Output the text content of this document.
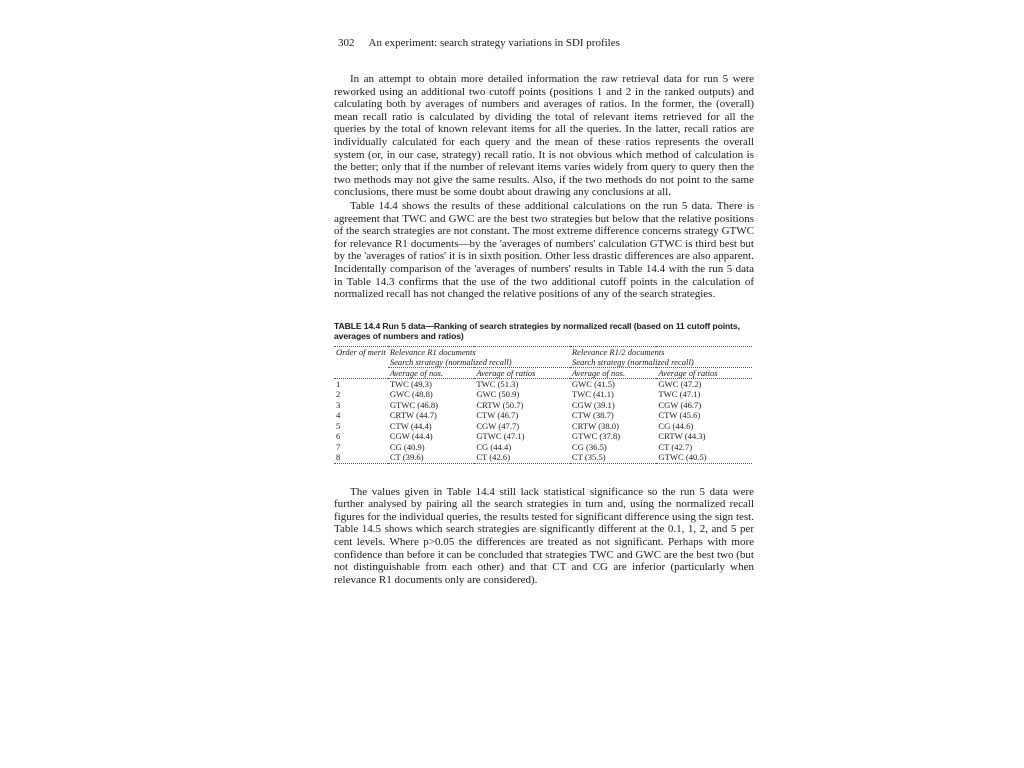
302 An experiment: search strategy variations in SDI profiles

In an attempt to obtain more detailed information the raw retrieval data for run 5 were reworked using an additional two cutoff points (positions 1 and 2 in the ranked outputs) and calculating both by averages of numbers and averages of ratios. In the former, the (overall) mean recall ratio is calculated by dividing the total of relevant items retrieved for all the queries by the total of known relevant items for all the queries. In the latter, recall ratios are individually calculated for each query and the mean of these ratios represents the overall system (or, in our case, strategy) recall ratio. It is not obvious which method of calculation is the better; only that if the number of relevant items varies widely from query to query then the two methods may not give the same results. Also, if the two methods do not point to the same conclusions, there must be some doubt about drawing any conclusions at all.

Table 14.4 shows the results of these additional calculations on the run 5 data. There is agreement that TWC and GWC are the best two strategies but below that the relative positions of the search strategies are not constant. The most extreme difference concerns strategy GTWC for relevance R1 documents—by the 'averages of numbers' calculation GTWC is third best but by the 'averages of ratios' it is in sixth position. Other less drastic differences are also apparent. Incidentally comparison of the 'averages of numbers' results in Table 14.4 with the run 5 data in Table 14.3 confirms that the use of the two additional cutoff points in the calculation of normalized recall has not changed the relative positions of any of the search strategies.

TABLE 14.4 Run 5 data—Ranking of search strategies by normalized recall (based on 11 cutoff points, averages of numbers and ratios)
Order of merit	Relevance R1 documents		Relevance R1/2 documents	
	Search strategy (normalized recall)		Search strategy (normalized recall)	
	Average of nos.	Average of ratios	Average of nos.	Average of ratios
1	TWC (49.3)	TWC (51.3)	GWC (41.5)	GWC (47.2)
2	GWC (48.8)	GWC (50.9)	TWC (41.1)	TWC (47.1)
3	GTWC (46.8)	CRTW (50.7)	CGW (39.1)	CGW (46.7)
4	CRTW (44.7)	CTW (46.7)	CTW (38.7)	CTW (45.6)
5	CTW (44.4)	CGW (47.7)	CRTW (38.0)	CG (44.6)
6	CGW (44.4)	GTWC (47.1)	GTWC (37.8)	CRTW (44.3)
7	CG (40.9)	CG (44.4)	CG (36.5)	CT (42.7)
8	CT (39.6)	CT (42.6)	CT (35.5)	GTWC (40.5)

The values given in Table 14.4 still lack statistical significance so the run 5 data were further analysed by pairing all the search strategies in turn and, using the normalized recall figures for the individual queries, the results tested for significant difference using the sign test. Table 14.5 shows which search strategies are significantly different at the 0.1, 1, 2, and 5 per cent levels. Where p>0.05 the differences are treated as not significant. Perhaps with more confidence than before it can be concluded that strategies TWC and GWC are the best two (but not distinguishable from each other) and that CT and CG are inferior (particularly when relevance R1 documents only are considered).
